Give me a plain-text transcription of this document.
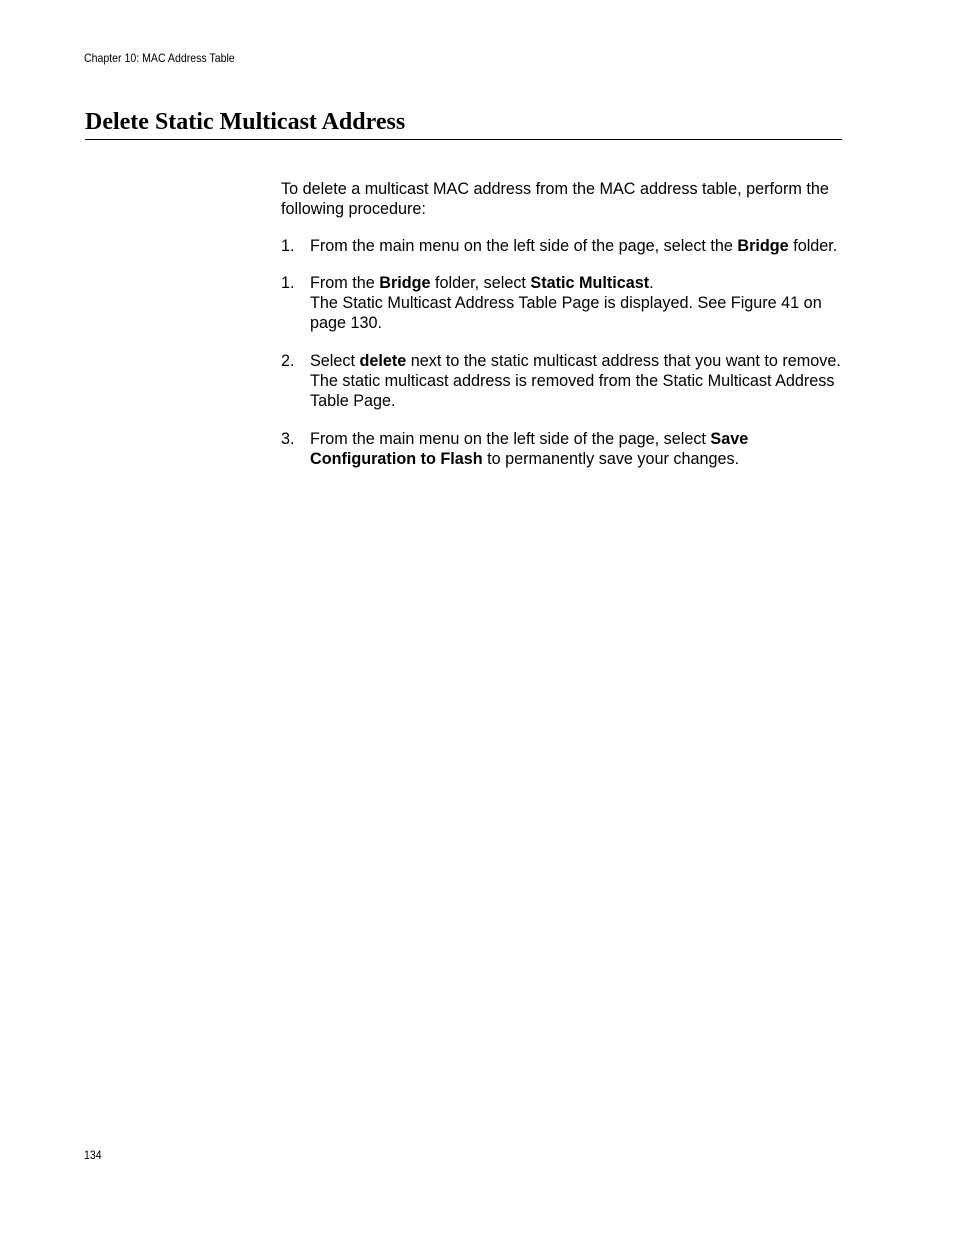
Chapter 10: MAC Address Table
Delete Static Multicast Address

To delete a multicast MAC address from the MAC address table, perform the following procedure:

1. From the main menu on the left side of the page, select the Bridge folder.
1. From the Bridge folder, select Static Multicast.
The Static Multicast Address Table Page is displayed. See Figure 41 on page 130.
2. Select delete next to the static multicast address that you want to remove.
The static multicast address is removed from the Static Multicast Address Table Page.
3. From the main menu on the left side of the page, select Save Configuration to Flash to permanently save your changes.
134
